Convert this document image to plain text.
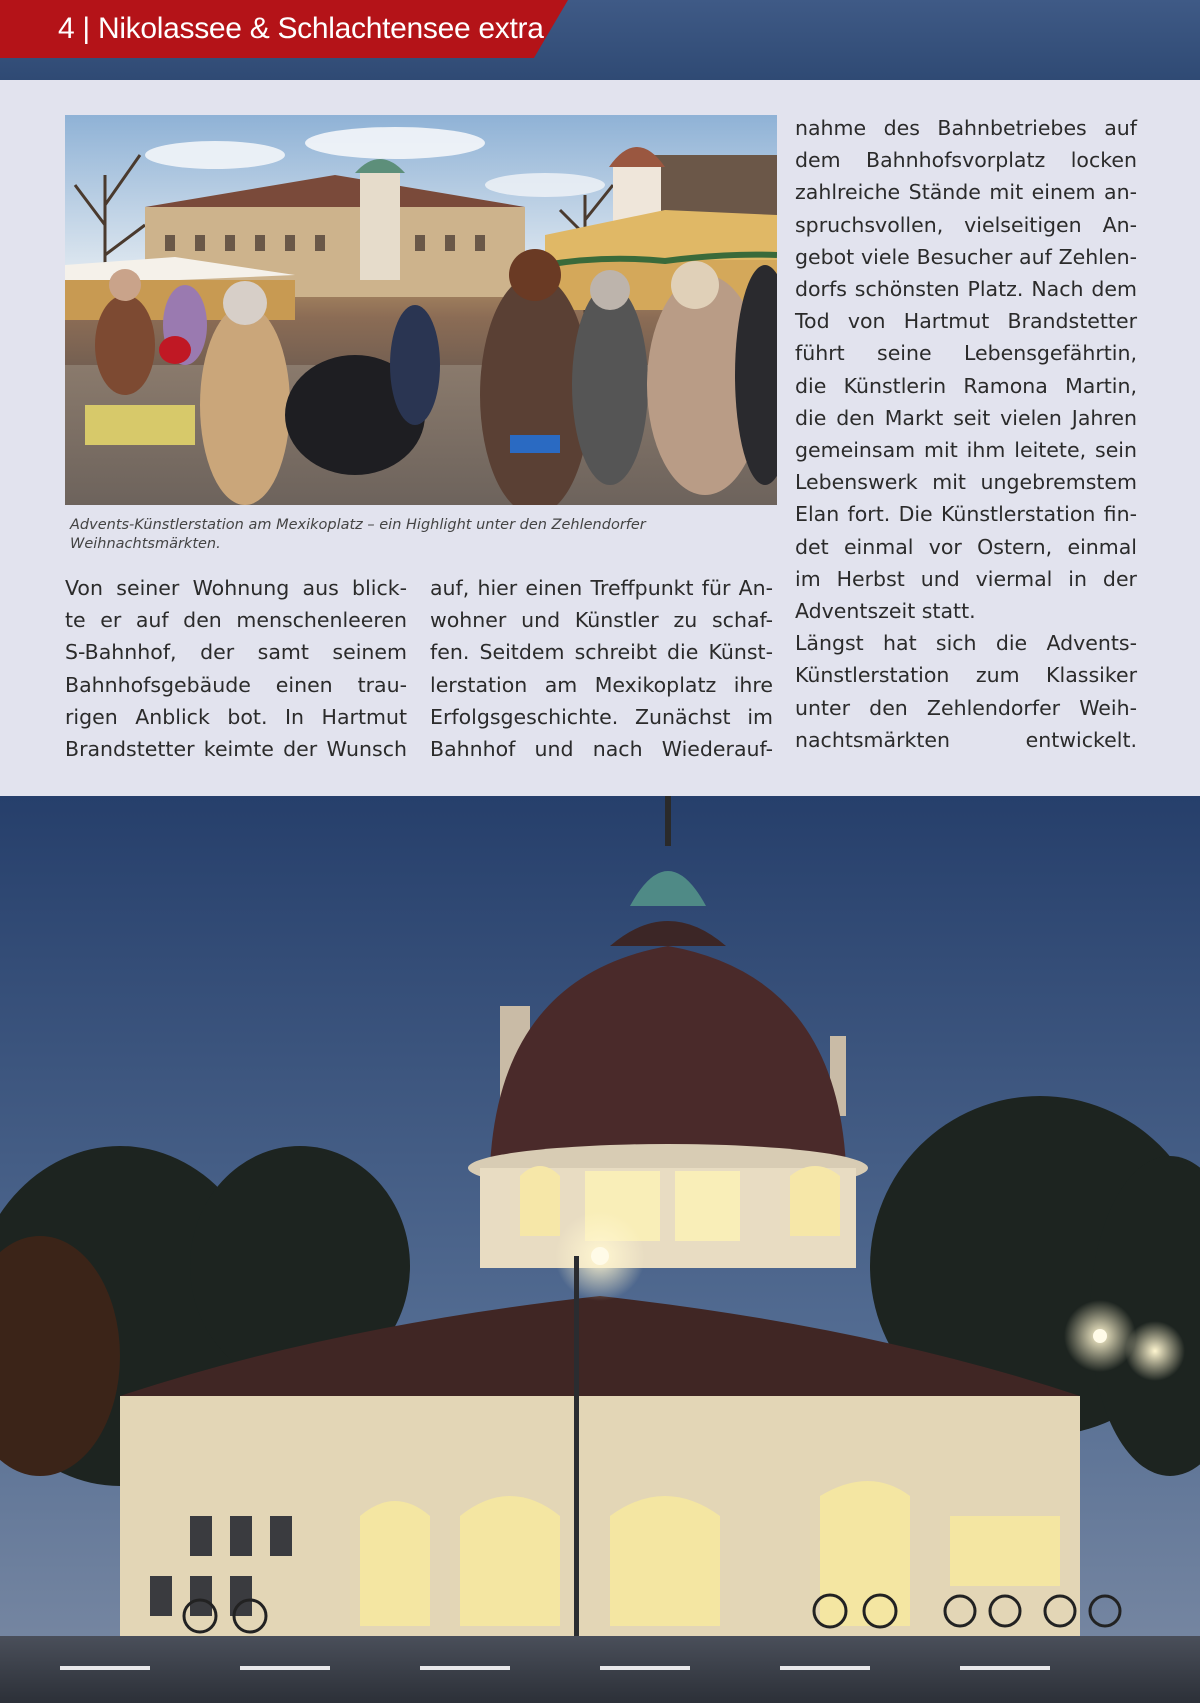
4 | Nikolassee & Schlachtensee extra
Advents-Künstlerstation am Mexikoplatz – ein Highlight unter den Zehlendorfer Weihnachtsmärkten.
Von seiner Wohnung aus blick-
te er auf den menschenleeren
S-Bahnhof, der samt seinem
Bahnhofsgebäude einen trau-
rigen Anblick bot. In Hartmut
Brandstetter keimte der Wunsch
auf, hier einen Treffpunkt für An-
wohner und Künstler zu schaf-
fen. Seitdem schreibt die Künst-
lerstation am Mexikoplatz ihre
Erfolgsgeschichte. Zunächst im
Bahnhof und nach Wiederauf-
nahme des Bahnbetriebes auf
dem Bahnhofsvorplatz locken
zahlreiche Stände mit einem an-
spruchsvollen, vielseitigen An-
gebot viele Besucher auf Zehlen-
dorfs schönsten Platz. Nach dem
Tod von Hartmut Brandstetter
führt seine Lebensgefährtin,
die Künstlerin Ramona Martin,
die den Markt seit vielen Jahren
gemeinsam mit ihm leitete, sein
Lebenswerk mit ungebremstem
Elan fort. Die Künstlerstation fin-
det einmal vor Ostern, einmal
im Herbst und viermal in der
Adventszeit statt.
Längst hat sich die Advents-
Künstlerstation zum Klassiker
unter den Zehlendorfer Weih-
nachtsmärkten entwickelt.
